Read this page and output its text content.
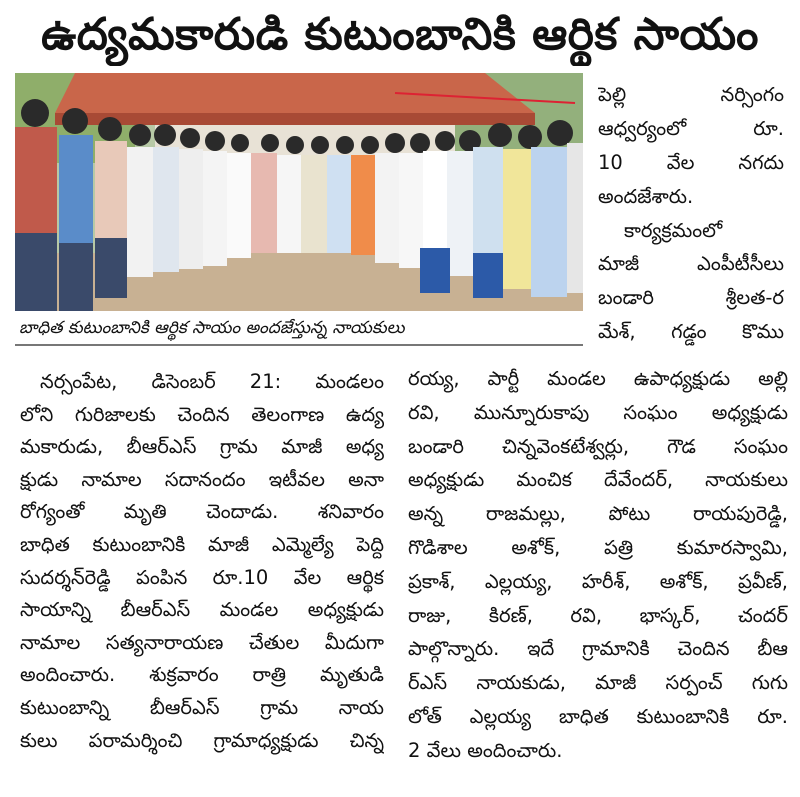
ఉద్యమకారుడి కుటుంబానికి ఆర్థిక సాయం
బాధిత కుటుంబానికి ఆర్థిక సాయం అందజేస్తున్న నాయకులు
పెల్లి నర్సింగం
ఆధ్వర్యంలో రూ.
10 వేల నగదు
అందజేశారు.
కార్యక్రమంలో
మాజీ ఎంపీటీసీలు
బండారి శ్రీలత-ర
మేశ్, గడ్డం కొము
నర్సంపేట, డిసెంబర్ 21: మండలం
లోని గురిజాలకు చెందిన తెలంగాణ ఉద్య
మకారుడు, బీఆర్ఎస్ గ్రామ మాజీ అధ్య
క్షుడు నామాల సదానందం ఇటీవల అనా
రోగ్యంతో మృతి చెందాడు. శనివారం
బాధిత కుటుంబానికి మాజీ ఎమ్మెల్యే పెద్ది
సుదర్శన్‌రెడ్డి పంపిన రూ.10 వేల ఆర్థిక
సాయాన్ని బీఆర్ఎస్ మండల అధ్యక్షుడు
నామాల సత్యనారాయణ చేతుల మీదుగా
అందించారు. శుక్రవారం రాత్రి మృతుడి
కుటుంబాన్ని బీఆర్ఎస్ గ్రామ నాయ
కులు పరామర్శించి గ్రామాధ్యక్షుడు చిన్న
రయ్య, పార్టీ మండల ఉపాధ్యక్షుడు అల్లి
రవి, మున్నూరుకాపు సంఘం అధ్యక్షుడు
బండారి చిన్నవెంకటేశ్వర్లు, గౌడ సంఘం
అధ్యక్షుడు మంచిక దేవేందర్, నాయకులు
అన్న రాజమల్లు, పోటు రాయపురెడ్డి,
గొడిశాల అశోక్, పత్రి కుమారస్వామి,
ప్రకాశ్, ఎల్లయ్య, హరీశ్, అశోక్, ప్రవీణ్,
రాజు, కిరణ్, రవి, భాస్కర్, చందర్
పాల్గొన్నారు. ఇదే గ్రామానికి చెందిన బీఆ
ర్ఎస్ నాయకుడు, మాజీ సర్పంచ్ గుగు
లోత్ ఎల్లయ్య బాధిత కుటుంబానికి రూ.
2 వేలు అందించారు.
